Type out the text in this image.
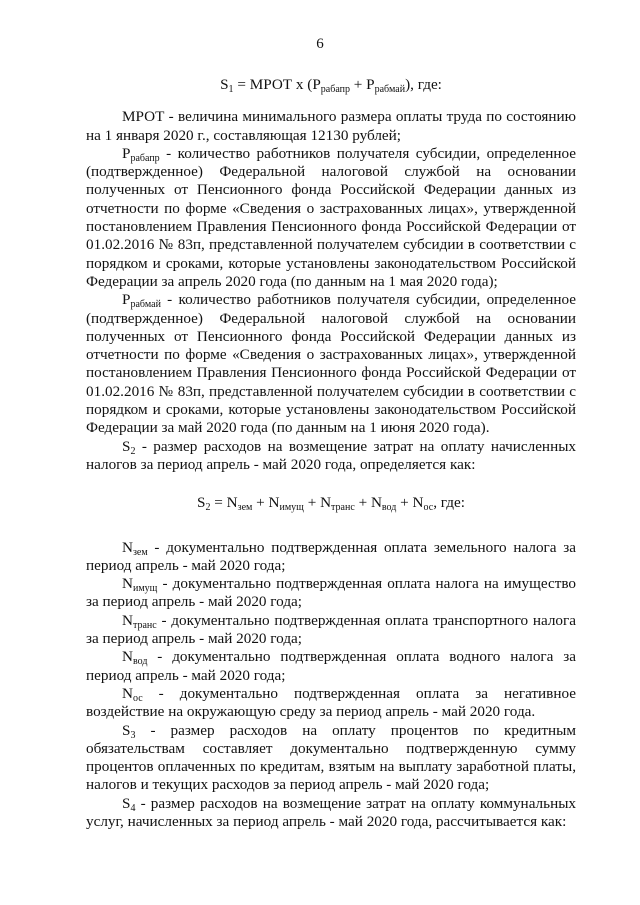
6
$S_1$ = МРОТ х $(Р_{рабапр} + Р_{рабмай})$, где:

МРОТ - величина минимального размера оплаты труда по состоянию на 1 января 2020 г., составляющая 12130 рублей;

$Р_{рабапр}$ - количество работников получателя субсидии, определенное (подтвержденное) Федеральной налоговой службой на основании полученных от Пенсионного фонда Российской Федерации данных из отчетности по форме «Сведения о застрахованных лицах», утвержденной постановлением Правления Пенсионного фонда Российской Федерации от 01.02.2016 № 83п, представленной получателем субсидии в соответствии с порядком и сроками, которые установлены законодательством Российской Федерации за апрель 2020 года (по данным на 1 мая 2020 года);

$Р_{рабмай}$ - количество работников получателя субсидии, определенное (подтвержденное) Федеральной налоговой службой на основании полученных от Пенсионного фонда Российской Федерации данных из отчетности по форме «Сведения о застрахованных лицах», утвержденной постановлением Правления Пенсионного фонда Российской Федерации от 01.02.2016 № 83п, представленной получателем субсидии в соответствии с порядком и сроками, которые установлены законодательством Российской Федерации за май 2020 года (по данным на 1 июня 2020 года).

$S_2$ - размер расходов на возмещение затрат на оплату начисленных налогов за период апрель - май 2020 года, определяется как:

$S_2 = N_{зем} + N_{имущ} + N_{транс} + N_{вод} + N_{ос}$, где:

$N_{зем}$ - документально подтвержденная оплата земельного налога за период апрель - май 2020 года;

$N_{имущ}$ - документально подтвержденная оплата налога на имущество за период апрель - май 2020 года;

$N_{транс}$ - документально подтвержденная оплата транспортного налога за период апрель - май 2020 года;

$N_{вод}$ - документально подтвержденная оплата водного налога за период апрель - май 2020 года;

$N_{ос}$ - документально подтвержденная оплата за негативное воздействие на окружающую среду за период апрель - май 2020 года.

$S_3$ - размер расходов на оплату процентов по кредитным обязательствам составляет документально подтвержденную сумму процентов оплаченных по кредитам, взятым на выплату заработной платы, налогов и текущих расходов за период апрель - май 2020 года;

$S_4$ - размер расходов на возмещение затрат на оплату коммунальных услуг, начисленных за период апрель - май 2020 года, рассчитывается как:
